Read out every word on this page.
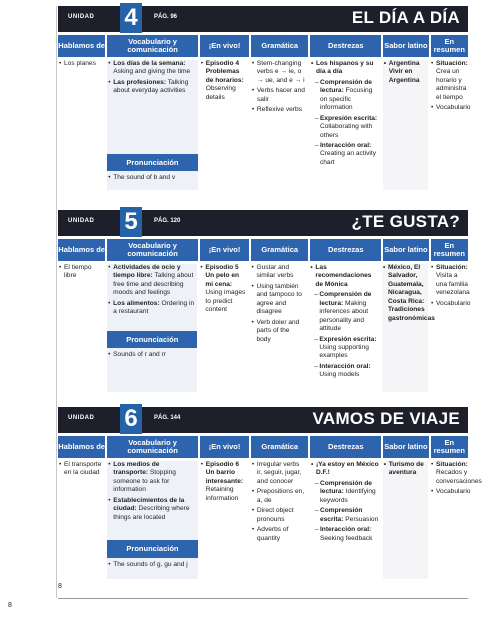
UNIDAD 4	PÁG. 96	EL DÍA A DÍA
Hablamos de	Vocabulario y comunicación	¡En vivo!	Gramática	Destrezas	Sabor latino	En resumen
• Los planes
•	Los días de la semana: Asking and giving the time
• Las profesiones: Talking about everyday activities
Pronunciación
• The sound of b and v
• Episodio 4 Problemas de horarios: Observing details
• Stem-changing verbs e → ie, o → ue, and e → i
• Verbs hacer and salir
• Reflexive verbs
• Los hispanos y su día a día
– Comprensión de lectura: Focusing on specific information
– Expresión escrita: Collaborating with others
– Interacción oral: Creating an activity chart
• Argentina Vivir en Argentina
• Situación: Crea un horario y administra el tiempo
• Vocabulario
UNIDAD 5	PÁG. 120	¿TE GUSTA?
Hablamos de	Vocabulario y comunicación	¡En vivo!	Gramática	Destrezas	Sabor latino	En resumen
• El tiempo libre
• Actividades de ocio y tiempo libre: Talking about free time and describing moods and feelings
• Los alimentos: Ordering in a restaurant
Pronunciación
• Sounds of r and rr
• Episodio 5 Un pelo en mi cena: Using images to predict content
• Gustar and similar verbs
• Using también and tampoco to agree and disagree
• Verb doler and parts of the body
• Las recomendaciones de Mónica
– Comprensión de lectura: Making inferences about personality and attitude
– Expresión escrita: Using supporting examples
– Interacción oral: Using models
• México, El Salvador, Guatemala, Nicaragua, Costa Rica: Tradiciones gastronómicas
• Situación: Visita a una familia venezolana
• Vocabulario
UNIDAD 6	PÁG. 144	VAMOS DE VIAJE
Hablamos de	Vocabulario y comunicación	¡En vivo!	Gramática	Destrezas	Sabor latino	En resumen
• El transporte en la ciudad
• Los medios de transporte: Stopping someone to ask for information
• Establecimientos de la ciudad: Describing where things are located
Pronunciación
• The sounds of g, gu and j
• Episodio 6 Un barrio interesante: Retaining information
• Irregular verbs ir, seguir, jugar, and conocer
• Prepositions en, a, de
• Direct object pronouns
• Adverbs of quantity
• ¡Ya estoy en México D.F.!
– Comprensión de lectura: Identifying keywords
– Comprensión escrita: Persuasion
– Interacción oral: Seeking feedback
• Turismo de aventura
• Situación: Recados y conversaciones
• Vocabulario
8
8
